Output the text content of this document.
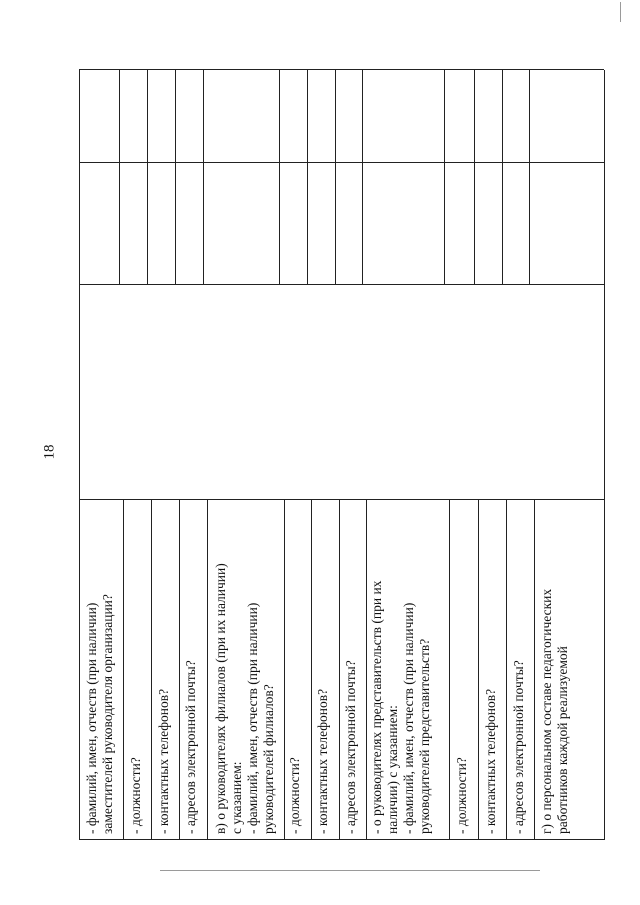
18
- фамилий, имен, отчеств (при наличии) заместителей руководителя организации? - должности? - контактных телефонов? - адресов электронной почты? в) о руководителях филиалов (при их наличии) с указанием: - фамилий, имен, отчеств (при наличии) руководителей филиалов? - должности? - контактных телефонов? - адресов электронной почты? - о руководителях представительств (при их наличии) с указанием: - фамилий, имен, отчеств (при наличии) руководителей представительств? - должности? - контактных телефонов? - адресов электронной почты? г) о персональном составе педагогических работников каждой реализуемой
